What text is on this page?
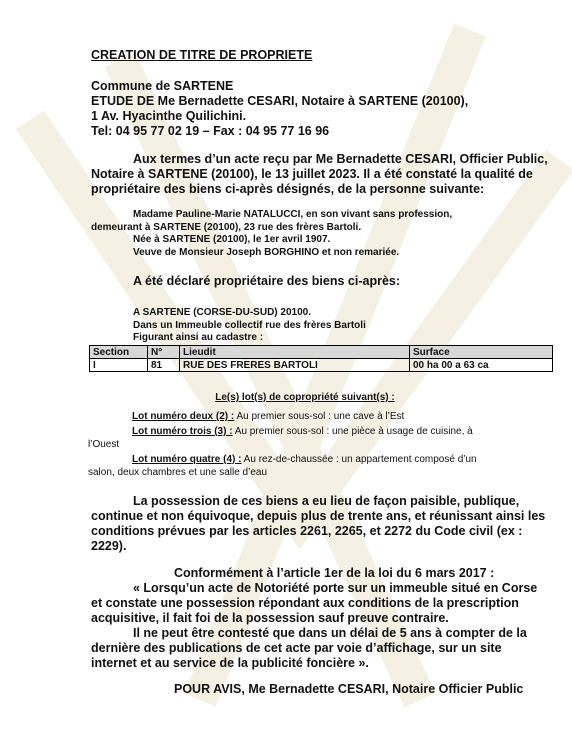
CREATION DE TITRE DE PROPRIETE
Commune de SARTENE
ETUDE DE Me Bernadette CESARI, Notaire à SARTENE (20100),
1 Av. Hyacinthe Quilichini.
Tel: 04 95 77 02 19 – Fax : 04 95 77 16 96
Aux termes d’un acte reçu par Me Bernadette CESARI, Officier Public,
Notaire à SARTENE (20100), le 13 juillet 2023. Il a été constaté la qualité de
propriétaire des biens ci-après désignés, de la personne suivante:
Madame Pauline-Marie NATALUCCI, en son vivant sans profession,
demeurant à SARTENE (20100), 23 rue des frères Bartoli.
Née à SARTENE (20100), le 1er avril 1907.
Veuve de Monsieur Joseph BORGHINO et non remariée.
A été déclaré propriétaire des biens ci-après:
A SARTENE (CORSE-DU-SUD) 20100.
Dans un Immeuble collectif rue des frères Bartoli
Figurant ainsi au cadastre :
Section	N°	Lieudit	Surface
I	81	RUE DES FRERES BARTOLI	00 ha 00 a 63 ca
Le(s) lot(s) de copropriété suivant(s) :
Lot numéro deux (2) : Au premier sous-sol : une cave à l’Est
Lot numéro trois (3) : Au premier sous-sol : une pièce à usage de cuisine, à
l’Ouest
Lot numéro quatre (4) : Au rez-de-chaussée : un appartement composé d’un
salon, deux chambres et une salle d’eau
La possession de ces biens a eu lieu de façon paisible, publique,
continue et non équivoque, depuis plus de trente ans, et réunissant ainsi les
conditions prévues par les articles 2261, 2265, et 2272 du Code civil (ex :
2229).
Conformément à l’article 1er de la loi du 6 mars 2017 :
« Lorsqu’un acte de Notoriété porte sur un immeuble situé en Corse
et constate une possession répondant aux conditions de la prescription
acquisitive, il fait foi de la possession sauf preuve contraire.
Il ne peut être contesté que dans un délai de 5 ans à compter de la
dernière des publications de cet acte par voie d’affichage, sur un site
internet et au service de la publicité foncière ».
POUR AVIS, Me Bernadette CESARI, Notaire Officier Public
